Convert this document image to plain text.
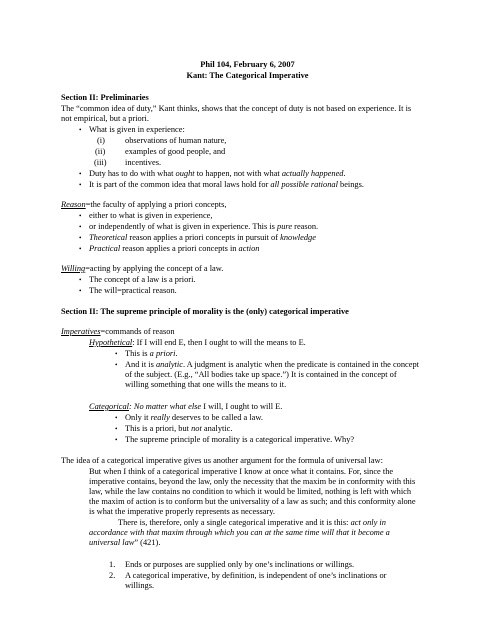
Phil 104, February 6, 2007
Kant: The Categorical Imperative
Section II: Preliminaries
The “common idea of duty,” Kant thinks, shows that the concept of duty is not based on experience. It is
not empirical, but a priori.
• What is given in experience:
(i) observations of human nature,
(ii) examples of good people, and
(iii) incentives.
• Duty has to do with what ought to happen, not with what actually happened.
• It is part of the common idea that moral laws hold for all possible rational beings.
Reason=the faculty of applying a priori concepts,
• either to what is given in experience,
• or independently of what is given in experience. This is pure reason.
• Theoretical reason applies a priori concepts in pursuit of knowledge
• Practical reason applies a priori concepts in action
Willing=acting by applying the concept of a law.
• The concept of a law is a priori.
• The will=practical reason.
Section II: The supreme principle of morality is the (only) categorical imperative
Imperatives=commands of reason
Hypothetical: If I will end E, then I ought to will the means to E.
• This is a priori.
• And it is analytic. A judgment is analytic when the predicate is contained in the concept
of the subject. (E.g., “All bodies take up space.”) It is contained in the concept of
willing something that one wills the means to it.
Categorical: No matter what else I will, I ought to will E.
• Only it really deserves to be called a law.
• This is a priori, but not analytic.
• The supreme principle of morality is a categorical imperative. Why?
The idea of a categorical imperative gives us another argument for the formula of universal law:
But when I think of a categorical imperative I know at once what it contains. For, since the
imperative contains, beyond the law, only the necessity that the maxim be in conformity with this
law, while the law contains no condition to which it would be limited, nothing is left with which
the maxim of action is to conform but the universality of a law as such; and this conformity alone
is what the imperative properly represents as necessary.
There is, therefore, only a single categorical imperative and it is this: act only in
accordance with that maxim through which you can at the same time will that it become a
universal law” (421).
1. Ends or purposes are supplied only by one’s inclinations or willings.
2. A categorical imperative, by definition, is independent of one’s inclinations or
willings.
